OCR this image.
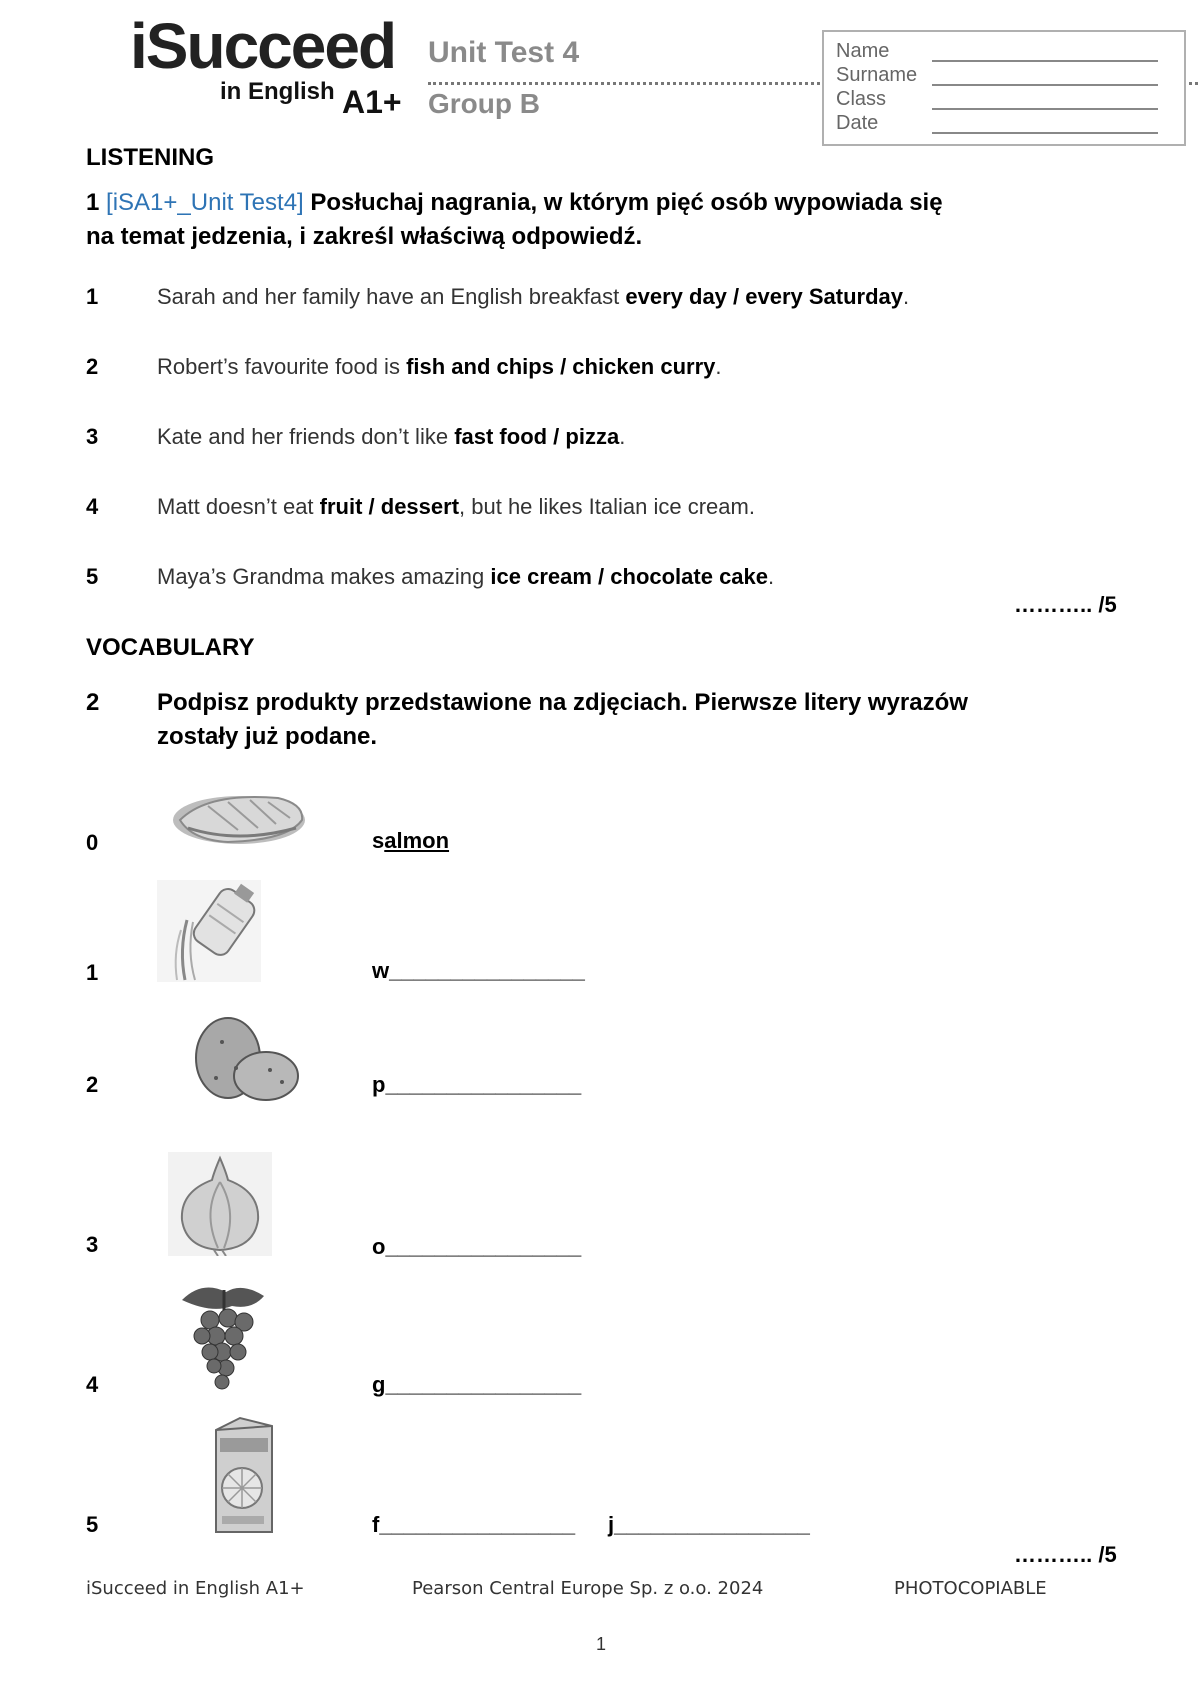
iSucceed
in English A1+
Unit Test 4
Group B
Name
Surname
Class
Date
LISTENING
1 [iSA1+_Unit Test4] Posłuchaj nagrania, w którym pięć osób wypowiada się
na temat jedzenia, i zakreśl właściwą odpowiedź.
1	Sarah and her family have an English breakfast every day / every Saturday.
2	Robert’s favourite food is fish and chips / chicken curry.
3	Kate and her friends don’t like fast food / pizza.
4	Matt doesn’t eat fruit / dessert, but he likes Italian ice cream.
5	Maya’s Grandma makes amazing ice cream / chocolate cake.
……….. /5
VOCABULARY
2 Podpisz produkty przedstawione na zdjęciach. Pierwsze litery wyrazów
zostały już podane.
0	salmon
1	w________________
2	p________________
3	o________________
4	g________________
5	f________________ j________________
……….. /5
iSucceed in English A1+	Pearson Central Europe Sp. z o.o. 2024	PHOTOCOPIABLE
1
